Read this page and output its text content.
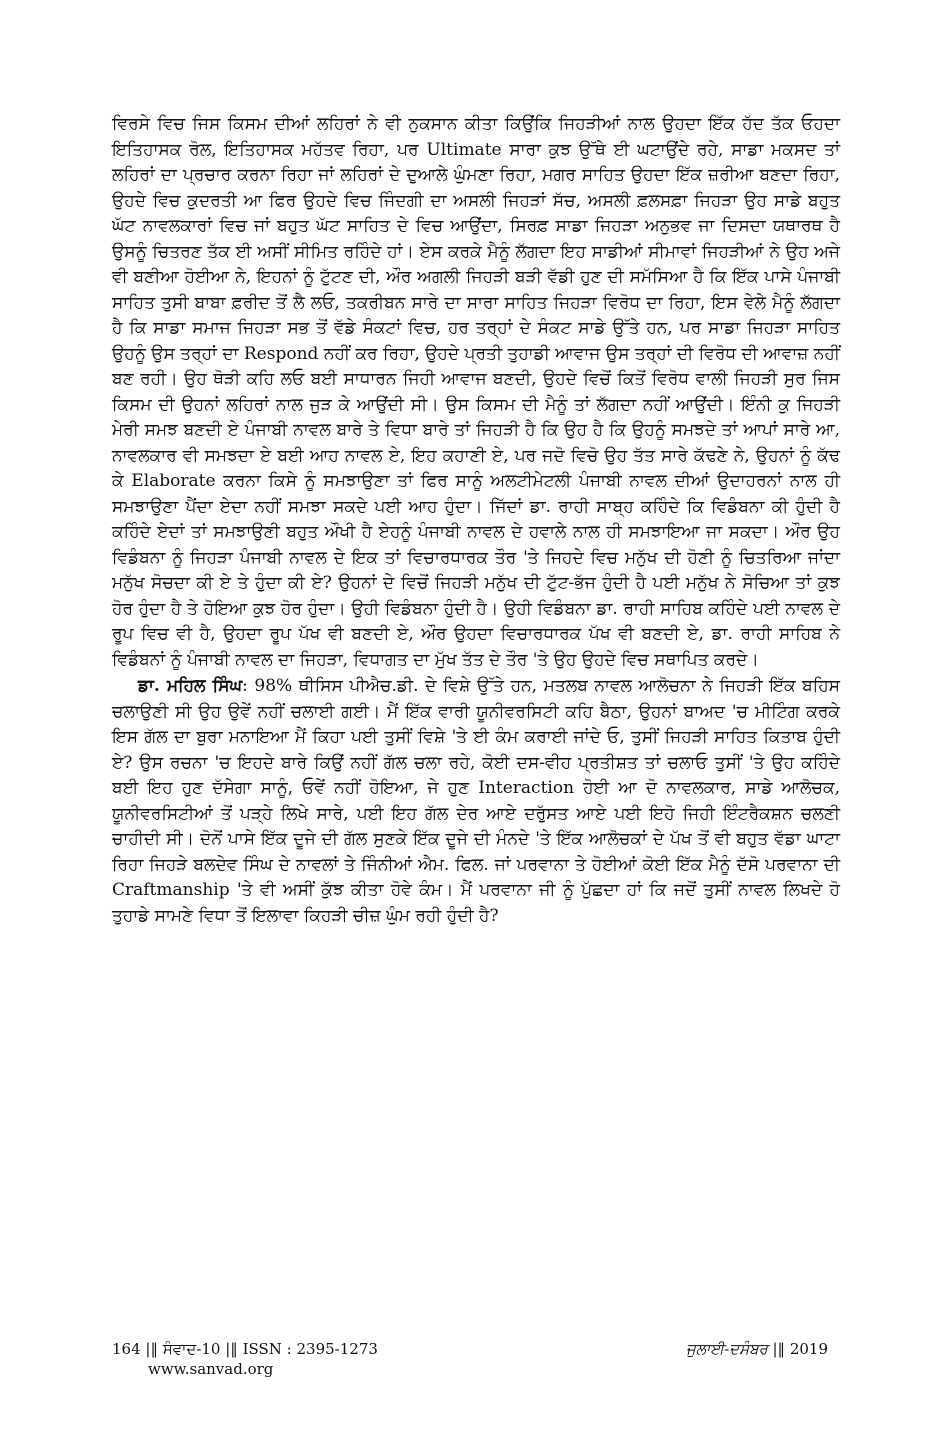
ਵਿਰਸੇ ਵਿਚ ਜਿਸ ਕਿਸਮ ਦੀਆਂ ਲਹਿਰਾਂ ਨੇ ਵੀ ਨੁਕਸਾਨ ਕੀਤਾ ਕਿਉਂਕਿ ਜਿਹੜੀਆਂ ਨਾਲ ਉਹਦਾ ਇੱਕ ਹੱਦ ਤੱਕ ਓਹਦਾ ਇਤਿਹਾਸਕ ਰੋਲ, ਇਤਿਹਾਸਕ ਮਹੱਤਵ ਰਿਹਾ, ਪਰ Ultimate ਸਾਰਾ ਕੁਝ ਉੱਥੇ ਈ ਘਟਾਉਂਦੇ ਰਹੇ, ਸਾਡਾ ਮਕਸਦ ਤਾਂ ਲਹਿਰਾਂ ਦਾ ਪ੍ਰਚਾਰ ਕਰਨਾ ਰਿਹਾ ਜਾਂ ਲਹਿਰਾਂ ਦੇ ਦੁਆਲੇ ਘੁੰਮਣਾ ਰਿਹਾ, ਮਗਰ ਸਾਹਿਤ ਉਹਦਾ ਇੱਕ ਜ਼ਰੀਆ ਬਣਦਾ ਰਿਹਾ, ਉਹਦੇ ਵਿਚ ਕੁਦਰਤੀ ਆ ਫਿਰ ਉਹਦੇ ਵਿਚ ਜਿੰਦਗੀ ਦਾ ਅਸਲੀ ਜਿਹੜਾਂ ਸੱਚ, ਅਸਲੀ ਫ਼ਲਸਫ਼ਾ ਜਿਹੜਾ ਉਹ ਸਾਡੇ ਬਹੁਤ ਘੱਟ ਨਾਵਲਕਾਰਾਂ ਵਿਚ ਜਾਂ ਬਹੁਤ ਘੱਟ ਸਾਹਿਤ ਦੇ ਵਿਚ ਆਉਂਦਾ, ਸਿਰਫ਼ ਸਾਡਾ ਜਿਹੜਾ ਅਨੁਭਵ ਜਾ ਦਿਸਦਾ ਯਥਾਰਥ ਹੈ ਉਸਨੂੰ ਚਿਤਰਣ ਤੱਕ ਈ ਅਸੀਂ ਸੀਮਿਤ ਰਹਿੰਦੇ ਹਾਂ। ਏਸ ਕਰਕੇ ਮੈਨੂੰ ਲੱਗਦਾ ਇਹ ਸਾਡੀਆਂ ਸੀਮਾਵਾਂ ਜਿਹੜੀਆਂ ਨੇ ਉਹ ਅਜੇ ਵੀ ਬਣੀਆ ਹੋਈਆ ਨੇ, ਇਹਨਾਂ ਨੂੰ ਟੁੱਟਣ ਦੀ, ਔਰ ਅਗਲੀ ਜਿਹੜੀ ਬੜੀ ਵੱਡੀ ਹੁਣ ਦੀ ਸਮੱਸਿਆ ਹੈ ਕਿ ਇੱਕ ਪਾਸੇ ਪੰਜਾਬੀ ਸਾਹਿਤ ਤੁਸੀ ਬਾਬਾ ਫ਼ਰੀਦ ਤੋਂ ਲੈ ਲਓ, ਤਕਰੀਬਨ ਸਾਰੇ ਦਾ ਸਾਰਾ ਸਾਹਿਤ ਜਿਹੜਾ ਵਿਰੋਧ ਦਾ ਰਿਹਾ, ਇਸ ਵੇਲੇ ਮੈਨੂੰ ਲੱਗਦਾ ਹੈ ਕਿ ਸਾਡਾ ਸਮਾਜ ਜਿਹੜਾ ਸਭ ਤੋਂ ਵੱਡੇ ਸੰਕਟਾਂ ਵਿਚ, ਹਰ ਤਰ੍ਹਾਂ ਦੇ ਸੰਕਟ ਸਾਡੇ ਉੱਤੇ ਹਨ, ਪਰ ਸਾਡਾ ਜਿਹੜਾ ਸਾਹਿਤ ਉਹਨੂੰ ਉਸ ਤਰ੍ਹਾਂ ਦਾ Respond ਨਹੀਂ ਕਰ ਰਿਹਾ, ਉਹਦੇ ਪ੍ਰਤੀ ਤੁਹਾਡੀ ਆਵਾਜ ਉਸ ਤਰ੍ਹਾਂ ਦੀ ਵਿਰੋਧ ਦੀ ਆਵਾਜ਼ ਨਹੀਂ ਬਣ ਰਹੀ। ਉਹ ਥੋੜੀ ਕਹਿ ਲਓ ਬਈ ਸਾਧਾਰਨ ਜਿਹੀ ਆਵਾਜ ਬਣਦੀ, ਉਹਦੇ ਵਿਚੋਂ ਕਿਤੋਂ ਵਿਰੋਧ ਵਾਲੀ ਜਿਹੜੀ ਸੁਰ ਜਿਸ ਕਿਸਮ ਦੀ ਉਹਨਾਂ ਲਹਿਰਾਂ ਨਾਲ ਜੁੜ ਕੇ ਆਉਂਦੀ ਸੀ। ਉਸ ਕਿਸਮ ਦੀ ਮੈਨੂੰ ਤਾਂ ਲੱਗਦਾ ਨਹੀਂ ਆਉਂਦੀ। ਇੰਨੀ ਕੁ ਜਿਹੜੀ ਮੇਰੀ ਸਮਝ ਬਣਦੀ ਏ ਪੰਜਾਬੀ ਨਾਵਲ ਬਾਰੇ ਤੇ ਵਿਧਾ ਬਾਰੇ ਤਾਂ ਜਿਹੜੀ ਹੈ ਕਿ ਉਹ ਹੈ ਕਿ ਉਹਨੂੰ ਸਮਝਦੇ ਤਾਂ ਆਪਾਂ ਸਾਰੇ ਆ, ਨਾਵਲਕਾਰ ਵੀ ਸਮਝਦਾ ਏ ਬਈ ਆਹ ਨਾਵਲ ਏ, ਇਹ ਕਹਾਣੀ ਏ, ਪਰ ਜਦੋ ਵਿਚੋ ਉਹ ਤੱਤ ਸਾਰੇ ਕੱਢਣੇ ਨੇ, ਉਹਨਾਂ ਨੂੰ ਕੱਢ ਕੇ Elaborate ਕਰਨਾ ਕਿਸੇ ਨੂੰ ਸਮਝਾਉਣਾ ਤਾਂ ਫਿਰ ਸਾਨੂੰ ਅਲਟੀਮੇਟਲੀ ਪੰਜਾਬੀ ਨਾਵਲ ਦੀਆਂ ਉਦਾਹਰਨਾਂ ਨਾਲ ਹੀ ਸਮਝਾਉਣਾ ਪੈਂਦਾ ਏਦਾ ਨਹੀਂ ਸਮਝਾ ਸਕਦੇ ਪਈ ਆਹ ਹੁੰਦਾ। ਜਿੱਦਾਂ ਡਾ. ਰਾਹੀ ਸਾਬ੍ਹ ਕਹਿੰਦੇ ਕਿ ਵਿਡੰਬਨਾ ਕੀ ਹੁੰਦੀ ਹੈ ਕਹਿੰਦੇ ਏਦਾਂ ਤਾਂ ਸਮਝਾਉਣੀ ਬਹੁਤ ਔਖੀ ਹੈ ਏਹਨੂੰ ਪੰਜਾਬੀ ਨਾਵਲ ਦੇ ਹਵਾਲੇ ਨਾਲ ਹੀ ਸਮਝਾਇਆ ਜਾ ਸਕਦਾ। ਔਰ ਉਹ ਵਿਡੰਬਨਾ ਨੂੰ ਜਿਹੜਾ ਪੰਜਾਬੀ ਨਾਵਲ ਦੇ ਇਕ ਤਾਂ ਵਿਚਾਰਧਾਰਕ ਤੌਰ 'ਤੇ ਜਿਹਦੇ ਵਿਚ ਮਨੁੱਖ ਦੀ ਹੋਣੀ ਨੂੰ ਚਿਤਰਿਆ ਜਾਂਦਾ ਮਨੁੱਖ ਸੋਚਦਾ ਕੀ ਏ ਤੇ ਹੁੰਦਾ ਕੀ ਏ? ਉਹਨਾਂ ਦੇ ਵਿਚੋਂ ਜਿਹੜੀ ਮਨੁੱਖ ਦੀ ਟੁੱਟ-ਭੱਜ ਹੁੰਦੀ ਹੈ ਪਈ ਮਨੁੱਖ ਨੇ ਸੋਚਿਆ ਤਾਂ ਕੁਝ ਹੋਰ ਹੁੰਦਾ ਹੈ ਤੇ ਹੋਇਆ ਕੁਝ ਹੋਰ ਹੁੰਦਾ। ਉਹੀ ਵਿਡੰਬਨਾ ਹੁੰਦੀ ਹੈ। ਉਹੀ ਵਿਡੰਬਨਾ ਡਾ. ਰਾਹੀ ਸਾਹਿਬ ਕਹਿੰਦੇ ਪਈ ਨਾਵਲ ਦੇ ਰੂਪ ਵਿਚ ਵੀ ਹੈ, ਉਹਦਾ ਰੂਪ ਪੱਖ ਵੀ ਬਣਦੀ ਏ, ਔਰ ਉਹਦਾ ਵਿਚਾਰਧਾਰਕ ਪੱਖ ਵੀ ਬਣਦੀ ਏ, ਡਾ. ਰਾਹੀ ਸਾਹਿਬ ਨੇ ਵਿਡੰਬਨਾਂ ਨੂੰ ਪੰਜਾਬੀ ਨਾਵਲ ਦਾ ਜਿਹੜਾ, ਵਿਧਾਗਤ ਦਾ ਮੁੱਖ ਤੱਤ ਦੇ ਤੌਰ 'ਤੇ ਉਹ ਉਹਦੇ ਵਿਚ ਸਥਾਪਿਤ ਕਰਦੇ।

ਡਾ. ਮਹਿਲ ਸਿੰਘ: 98% ਥੀਸਿਸ ਪੀਐਚ.ਡੀ. ਦੇ ਵਿਸ਼ੇ ਉੱਤੇ ਹਨ, ਮਤਲਬ ਨਾਵਲ ਆਲੋਚਨਾ ਨੇ ਜਿਹੜੀ ਇੱਕ ਬਹਿਸ ਚਲਾਉਣੀ ਸੀ ਉਹ ਉਵੇਂ ਨਹੀਂ ਚਲਾਈ ਗਈ। ਮੈਂ ਇੱਕ ਵਾਰੀ ਯੂਨੀਵਰਸਿਟੀ ਕਹਿ ਬੈਠਾ, ਉਹਨਾਂ ਬਾਅਦ 'ਚ ਮੀਟਿੰਗ ਕਰਕੇ ਇਸ ਗੱਲ ਦਾ ਬੁਰਾ ਮਨਾਇਆ ਮੈਂ ਕਿਹਾ ਪਈ ਤੁਸੀਂ ਵਿਸ਼ੇ 'ਤੇ ਈ ਕੰਮ ਕਰਾਈ ਜਾਂਦੇ ਓ, ਤੁਸੀਂ ਜਿਹੜੀ ਸਾਹਿਤ ਕਿਤਾਬ ਹੁੰਦੀ ਏ? ਉਸ ਰਚਨਾ 'ਚ ਇਹਦੇ ਬਾਰੇ ਕਿਉਂ ਨਹੀਂ ਗੱਲ ਚਲਾ ਰਹੇ, ਕੋਈ ਦਸ-ਵੀਹ ਪ੍ਰਤੀਸ਼ਤ ਤਾਂ ਚਲਾਓ ਤੁਸੀਂ 'ਤੇ ਉਹ ਕਹਿੰਦੇ ਬਈ ਇਹ ਹੁਣ ਦੱਸੇਗਾ ਸਾਨੂੰ, ਓਵੇਂ ਨਹੀਂ ਹੋਇਆ, ਜੇ ਹੁਣ Interaction ਹੋਈ ਆ ਦੋ ਨਾਵਲਕਾਰ, ਸਾਡੇ ਆਲੋਚਕ, ਯੂਨੀਵਰਸਿਟੀਆਂ ਤੋਂ ਪੜ੍ਹੇ ਲਿਖੇ ਸਾਰੇ, ਪਈ ਇਹ ਗੱਲ ਦੇਰ ਆਏ ਦਰੁੱਸਤ ਆਏ ਪਈ ਇਹੋ ਜਿਹੀ ਇੰਟਰੈਕਸ਼ਨ ਚਲਣੀ ਚਾਹੀਦੀ ਸੀ। ਦੋਨੋਂ ਪਾਸੇ ਇੱਕ ਦੂਜੇ ਦੀ ਗੱਲ ਸੁਣਕੇ ਇੱਕ ਦੂਜੇ ਦੀ ਮੰਨਦੇ 'ਤੇ ਇੱਕ ਆਲੋਚਕਾਂ ਦੇ ਪੱਖ ਤੋਂ ਵੀ ਬਹੁਤ ਵੱਡਾ ਘਾਟਾ ਰਿਹਾ ਜਿਹੜੇ ਬਲਦੇਵ ਸਿੰਘ ਦੇ ਨਾਵਲਾਂ ਤੇ ਜਿੰਨੀਆਂ ਐਮ. ਫਿਲ. ਜਾਂ ਪਰਵਾਨਾ ਤੇ ਹੋਈਆਂ ਕੋਈ ਇੱਕ ਮੈਨੂੰ ਦੱਸੋ ਪਰਵਾਨਾ ਦੀ Craftmanship 'ਤੇ ਵੀ ਅਸੀਂ ਕੁੱਝ ਕੀਤਾ ਹੋਵੇ ਕੰਮ। ਮੈਂ ਪਰਵਾਨਾ ਜੀ ਨੂੰ ਪੁੱਛਦਾ ਹਾਂ ਕਿ ਜਦੋਂ ਤੁਸੀਂ ਨਾਵਲ ਲਿਖਦੇ ਹੋ ਤੁਹਾਡੇ ਸਾਮਣੇ ਵਿਧਾ ਤੋਂ ਇਲਾਵਾ ਕਿਹੜੀ ਚੀਜ਼ ਘੁੰਮ ਰਹੀ ਹੁੰਦੀ ਹੈ?

164 |‖ ਸੰਵਾਦ-10 |‖ ISSN : 2395-1273	ਜੁਲਾਈ-ਦਸੰਬਰ |‖ 2019
www.sanvad.org
